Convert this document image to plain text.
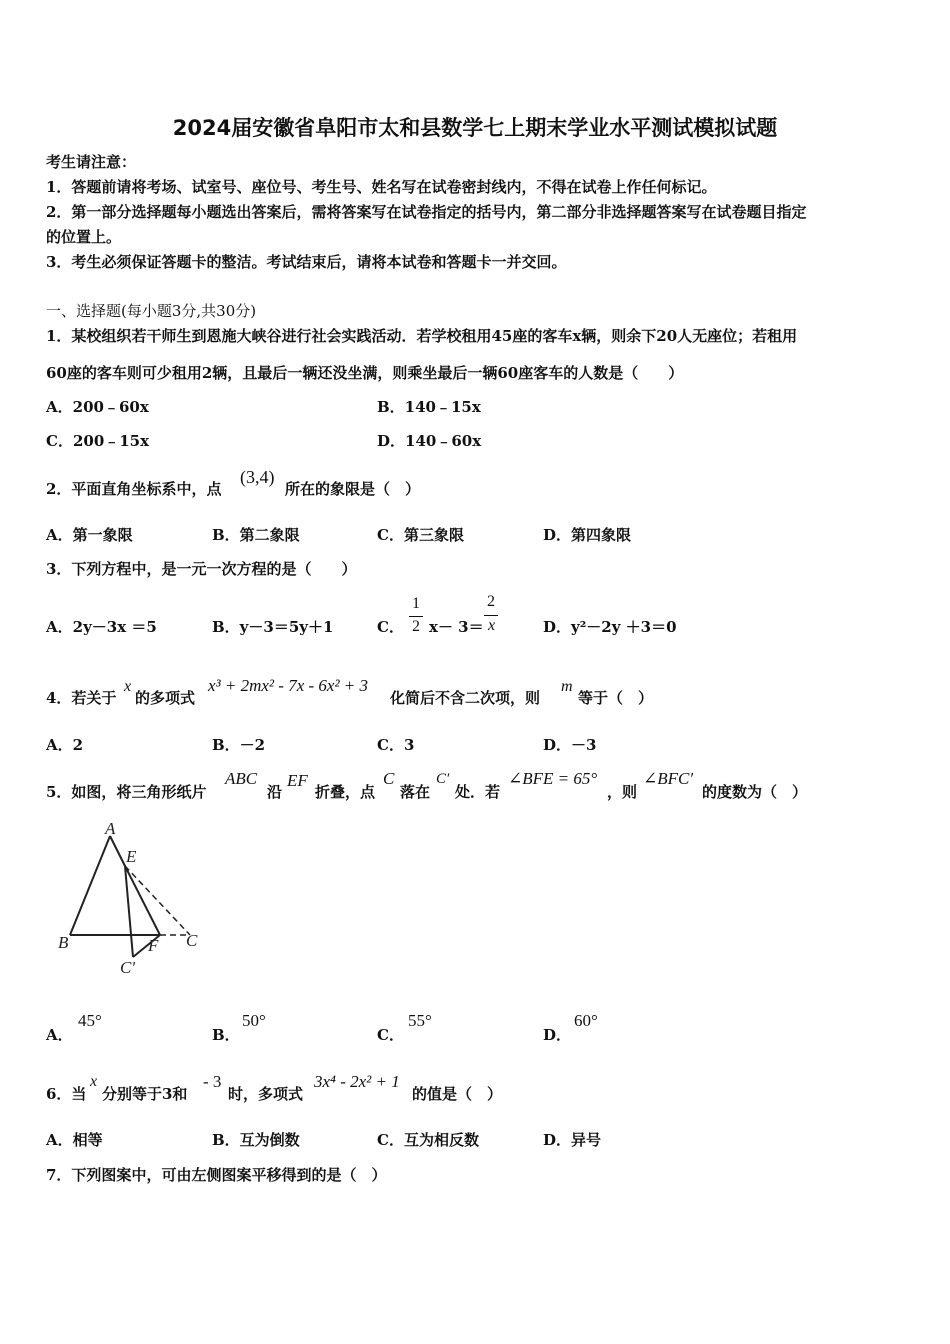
2024届安徽省阜阳市太和县数学七上期末学业水平测试模拟试题
考生请注意：
1．答题前请将考场、试室号、座位号、考生号、姓名写在试卷密封线内，不得在试卷上作任何标记。
2．第一部分选择题每小题选出答案后，需将答案写在试卷指定的括号内，第二部分非选择题答案写在试卷题目指定
的位置上。
3．考生必须保证答题卡的整洁。考试结束后，请将本试卷和答题卡一并交回。
一、选择题(每小题3分,共30分)
1．某校组织若干师生到恩施大峡谷进行社会实践活动．若学校租用45座的客车x辆，则余下20人无座位；若租用
60座的客车则可少租用2辆，且最后一辆还没坐满，则乘坐最后一辆60座客车的人数是（　　）
A．200﹣60x	B．140﹣15x
C．200﹣15x	D．140﹣60x
2．平面直角坐标系中，点
(3,4)
所在的象限是（　）
A．第一象限	B．第二象限	C．第三象限	D．第四象限
3．下列方程中，是一元一次方程的是（　　）
A．2y－3x ＝5	B．y－3＝5y＋1	C．
1
2 x－ 3＝
2
x	D．y²－2y ＋3＝0
4．若关于
x
的多项式
x³ + 2mx² - 7x - 6x² + 3
化简后不含二次项，则
m
等于（　）
A．2	B．－2	C．3	D．－3
5．如图，将三角形纸片
ABC
沿
EF
折叠，点
C
落在
C′
处．若
∠BFE = 65°
，则
∠BFC′
的度数为（　）
A
E
B	C
F
C′
A．
45°
B．
50°
C．
55°
D．
60°
6．当
x
分别等于3和
- 3
时，多项式
3x⁴ - 2x² + 1
的值是（　）
A．相等	B．互为倒数	C．互为相反数	D．异号
7．下列图案中，可由左侧图案平移得到的是（　）
